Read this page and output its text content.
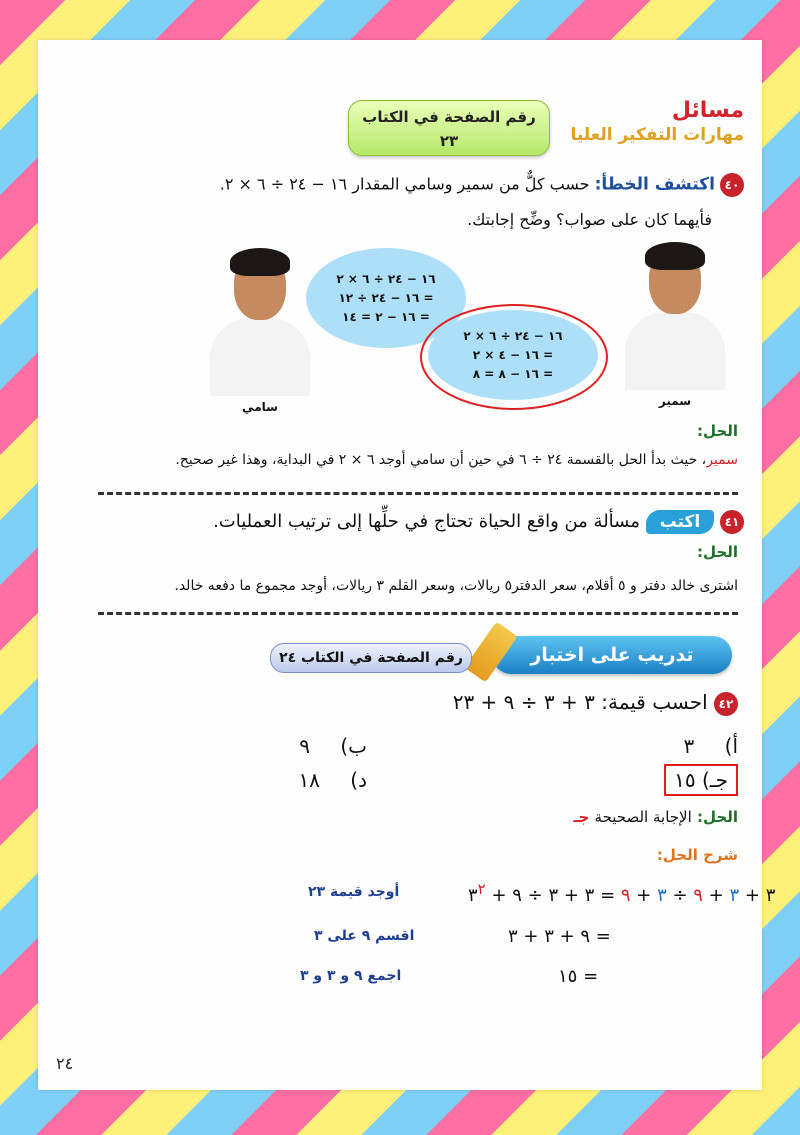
رقم الصفحة في الكتاب
٢٣
مسائل
مهارات التفكير العليا
٤٠ اكتشف الخطأ: حسب كلٌّ من سمير وسامي المقدار ١٦ − ٢٤ ÷ ٦ × ٢.
فأيهما كان على صواب؟ وضِّح إجابتك.
سامي
١٦ − ٢٤ ÷ ٦ × ٢
= ١٦ − ٢٤ ÷ ١٢
= ١٦ − ٢ = ١٤
سمير
١٦ − ٢٤ ÷ ٦ × ٢
= ١٦ − ٤ × ٢
= ١٦ − ٨ = ٨
الحل:
سمير، حيث بدأ الحل بالقسمة ٢٤ ÷ ٦ في حين أن سامي أوجد ٦ × ٢ في البداية، وهذا غير صحيح.
٤١ اكتب مسألة من واقع الحياة تحتاج في حلِّها إلى ترتيب العمليات.
الحل:
اشترى خالد دفتر و ٥ أقلام، سعر الدفتر٥ ريالات، وسعر القلم ٣ ريالات، أوجد مجموع ما دفعه خالد.
تدريب على اختبار
رقم الصفحة في الكتاب ٢٤
٤٢ احسب قيمة: ٣ + ٣ ÷ ٩ + ٢٣
أ) ٣
ب) ٩
جـ) ١٥
د) ١٨
الحل: الإجابة الصحيحة جـ
شرح الحل:
٣ + ٣ + ٩ ÷ ٣ + ٩ = ٣ + ٣ ÷ ٩ + $٣^٢$
أوجد قيمة ٢٣
= ٩ + ٣ + ٣
اقسم ٩ على ٣
= ١٥
اجمع ٩ و ٣ و ٣
٢٤
